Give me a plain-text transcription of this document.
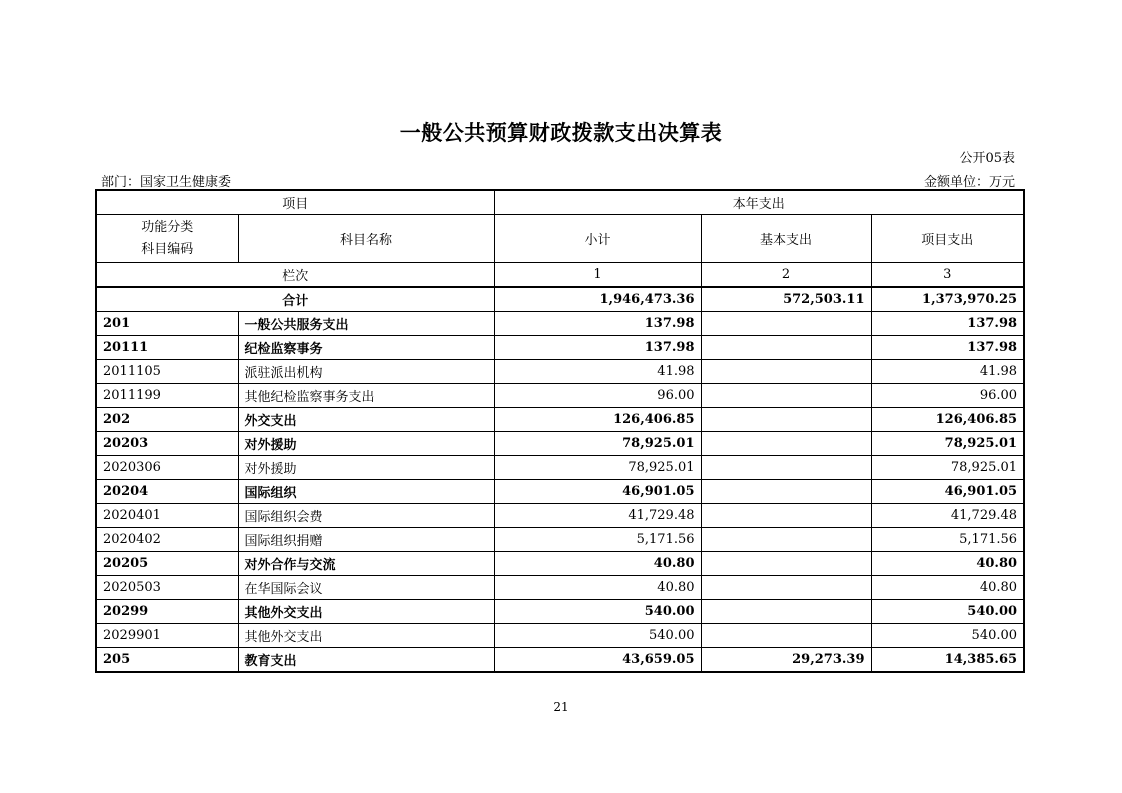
一般公共预算财政拨款支出决算表
公开05表
部门：国家卫生健康委	金额单位：万元
项目		本年支出		

功能分类
科目编码	科目名称	小计	基本支出	项目支出
栏次		1	2	3
合计		1,946,473.36	572,503.11	1,373,970.25
201	一般公共服务支出	137.98		137.98
20111	纪检监察事务	137.98		137.98
2011105	派驻派出机构	41.98		41.98
2011199	其他纪检监察事务支出	96.00		96.00
202	外交支出	126,406.85		126,406.85
20203	对外援助	78,925.01		78,925.01
2020306	对外援助	78,925.01		78,925.01
20204	国际组织	46,901.05		46,901.05
2020401	国际组织会费	41,729.48		41,729.48
2020402	国际组织捐赠	5,171.56		5,171.56
20205	对外合作与交流	40.80		40.80
2020503	在华国际会议	40.80		40.80
20299	其他外交支出	540.00		540.00
2029901	其他外交支出	540.00		540.00
205	教育支出	43,659.05	29,273.39	14,385.65
21
